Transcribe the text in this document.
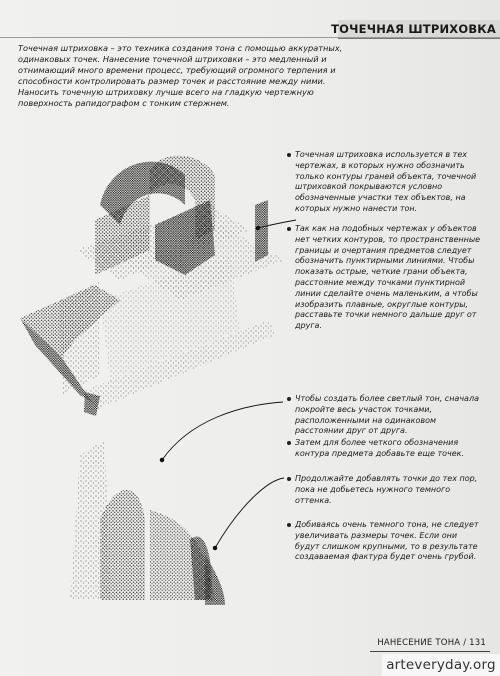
ТОЧЕЧНАЯ ШТРИХОВКА
Точечная штриховка – это техника создания тона с помощью аккуратных, одинаковых точек. Нанесение точечной штриховки – это медленный и отнимающий много времени процесс, требующий огромного терпения и способности контролировать размер точек и расстояние между ними. Наносить точечную штриховку лучше всего на гладкую чертежную поверхность рапидографом с тонким стержнем.
Точечная штриховка используется в тех чертежах, в которых нужно обозначить только контуры граней объекта, точечной штриховкой покрываются условно обозначенные участки тех объектов, на которых нужно нанести тон.
Так как на подобных чертежах у объектов нет четких контуров, то пространственные границы и очертания предметов следует обозначить пунктирными линиями. Чтобы показать острые, четкие грани объекта, расстояние между точками пунктирной линии сделайте очень маленьким, а чтобы изобразить плавные, округлые контуры, расставьте точки немного дальше друг от друга.
Чтобы создать более светлый тон, сначала покройте весь участок точками, расположенными на одинаковом расстоянии друг от друга.
Затем для более четкого обозначения контура предмета добавьте еще точек.
Продолжайте добавлять точки до тех пор, пока не добьетесь нужного темного оттенка.
Добиваясь очень темного тона, не следует увеличивать размеры точек. Если они будут слишком крупными, то в результате создаваемая фактура будет очень грубой.
НАНЕСЕНИЕ ТОНА / 131
arteveryday.org
